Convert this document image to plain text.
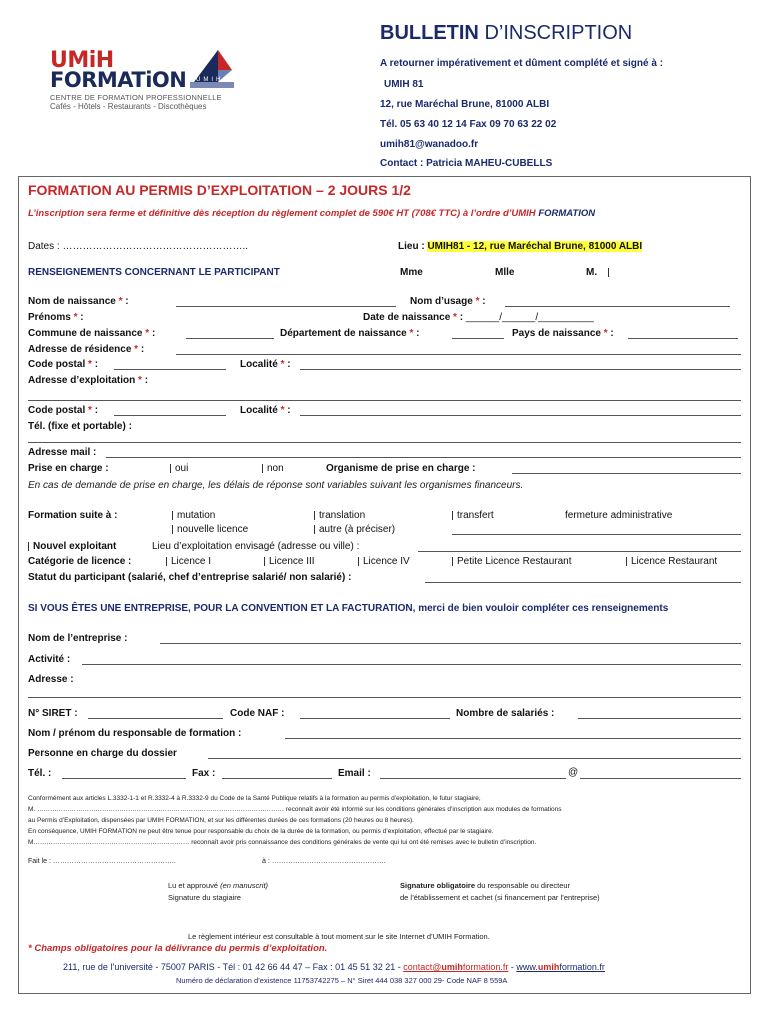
UMiH
FORMATiON UMIH
CENTRE DE FORMATION PROFESSIONNELLE
Cafés - Hôtels - Restaurants - Discothèques
BULLETIN D’INSCRIPTION
A retourner impérativement et dûment complété et signé à :
UMIH 81
12, rue Maréchal Brune, 81000 ALBI
Tél. 05 63 40 12 14 Fax 09 70 63 22 02
umih81@wanadoo.fr
Contact : Patricia MAHEU-CUBELLS
FORMATION AU PERMIS D’EXPLOITATION – 2 JOURS 1/2
L’inscription sera ferme et définitive dès réception du règlement complet de 590€ HT (708€ TTC) à l’ordre d’UMIH FORMATION
Dates : ………………………………………………..	Lieu : UMIH81 - 12, rue Maréchal Brune, 81000 ALBI
RENSEIGNEMENTS CONCERNANT LE PARTICIPANT	Mme	Mlle	M.
Nom de naissance * :	Nom d’usage * :
Prénoms * :	Date de naissance * : ______/______/__________
Commune de naissance * :	Département de naissance * :	Pays de naissance * :
Adresse de résidence * :
Code postal * :	Localité * :
Adresse d’exploitation * :
Code postal * :	Localité * :
Tél. (fixe et portable) :
Adresse mail :
Prise en charge :	oui	non	Organisme de prise en charge :
En cas de demande de prise en charge, les délais de réponse sont variables suivant les organismes financeurs.
Formation suite à :	mutation	translation	transfert	fermeture administrative
nouvelle licence	autre (à préciser)
Nouvel exploitant	Lieu d’exploitation envisagé (adresse ou ville) :
Catégorie de licence :	Licence I	Licence III	Licence IV	Petite Licence Restaurant	Licence Restaurant
Statut du participant (salarié, chef d’entreprise salarié/ non salarié) :
SI VOUS ÊTES UNE ENTREPRISE, POUR LA CONVENTION ET LA FACTURATION, merci de bien vouloir compléter ces renseignements
Nom de l’entreprise :
Activité :
Adresse :
N° SIRET :	Code NAF :	Nombre de salariés :
Nom / prénom du responsable de formation :
Personne en charge du dossier
Tél. :	Fax :	Email :	@
Conformément aux articles L.3332-1-1 et R.3332-4 à R.3332-9 du Code de la Santé Publique relatifs à la formation au permis d’exploitation, le futur stagiaire,
M. …………………………………………………………………………………………………… reconnaît avoir été informé sur les conditions générales d’inscription aux modules de formations
au Permis d’Exploitation, dispensées par UMIH FORMATION, et sur les différentes durées de ces formations (20 heures ou 8 heures).
En conséquence, UMIH FORMATION ne peut être tenue pour responsable du choix de la durée de la formation, ou permis d’exploitation, effectué par le stagiaire.
M……………………………………………………………… reconnaît avoir pris connaissance des conditions générales de vente qui lui ont été remises avec le bulletin d’inscription.
Fait le : ……………………………………………..	à : ………………………………………….
Lu et approuvé (en manuscrit)
Signature du stagiaire
Signature obligatoire du responsable ou directeur
de l’établissement et cachet (si financement par l’entreprise)
Le règlement intérieur est consultable à tout moment sur le site Internet d’UMIH Formation.
* Champs obligatoires pour la délivrance du permis d’exploitation.
211, rue de l’université - 75007 PARIS - Tél : 01 42 66 44 47 – Fax : 01 45 51 32 21 - contact@umihformation.fr - www.umihformation.fr
Numéro de déclaration d’existence 11753742275 – N° Siret 444 038 327 000 29- Code NAF 8 559A
